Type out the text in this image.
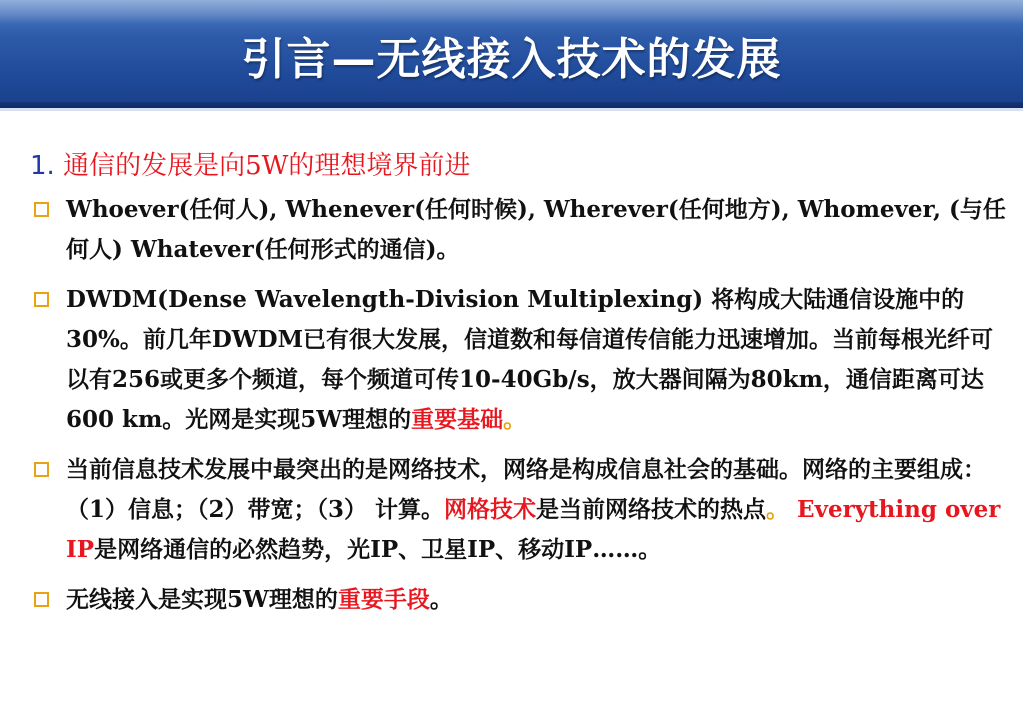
引言—无线接入技术的发展
1. 通信的发展是向5W的理想境界前进
Whoever(任何人), Whenever(任何时候), Wherever(任何地方), Whomever, (与任何人) Whatever(任何形式的通信)。
DWDM(Dense Wavelength-Division Multiplexing) 将构成大陆通信设施中的30%。前几年DWDM已有很大发展，信道数和每信道传信能力迅速增加。当前每根光纤可以有256或更多个频道，每个频道可传10-40Gb/s，放大器间隔为80km，通信距离可达600 km。光网是实现5W理想的重要基础。
当前信息技术发展中最突出的是网络技术，网络是构成信息社会的基础。网络的主要组成：（1）信息；（2）带宽；（3） 计算。网格技术是当前网络技术的热点。 Everything over IP是网络通信的必然趋势，光IP、卫星IP、移动IP……。
无线接入是实现5W理想的重要手段。
